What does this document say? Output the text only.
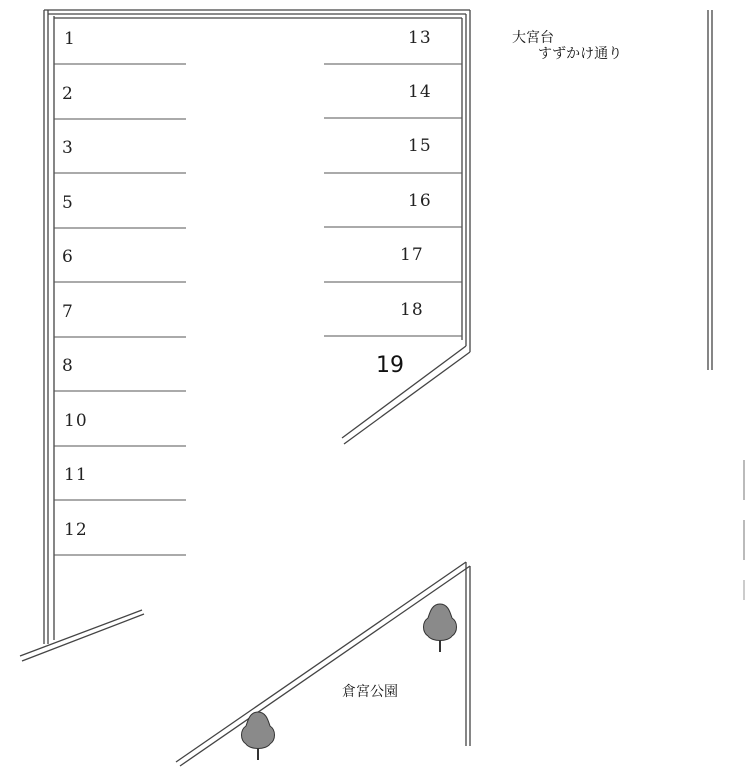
1
2
3
5
6
7
8
10
11
12
13
14
15
16
17
18
19
大宮台
すずかけ通り
倉宮公園
